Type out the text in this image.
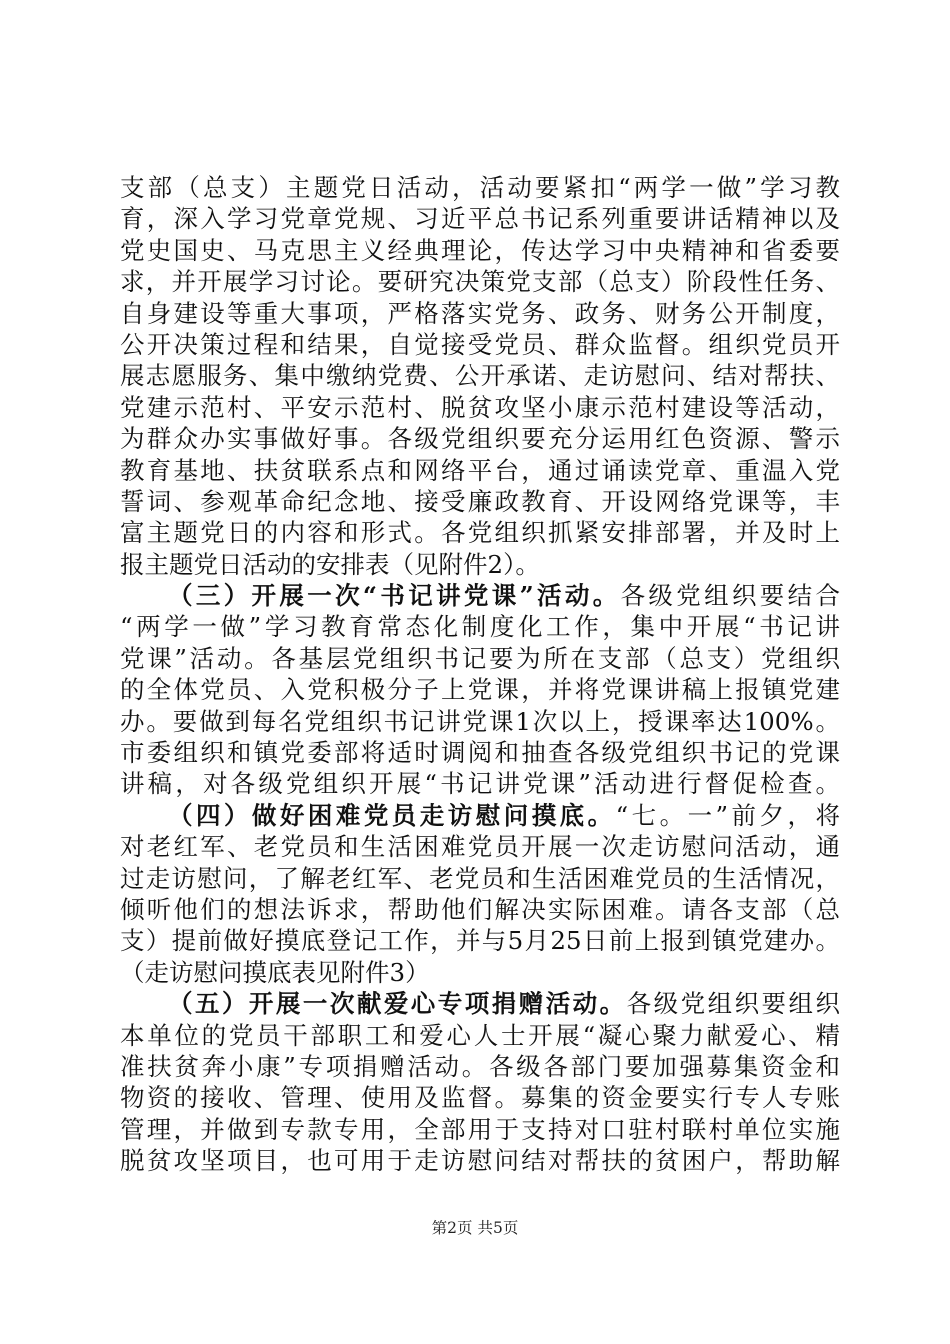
支部（总支）主题党日活动，活动要紧扣“两学一做”学习教
育，深入学习党章党规、习近平总书记系列重要讲话精神以及
党史国史、马克思主义经典理论，传达学习中央精神和省委要
求，并开展学习讨论。要研究决策党支部（总支）阶段性任务、
自身建设等重大事项，严格落实党务、政务、财务公开制度，
公开决策过程和结果，自觉接受党员、群众监督。组织党员开
展志愿服务、集中缴纳党费、公开承诺、走访慰问、结对帮扶、
党建示范村、平安示范村、脱贫攻坚小康示范村建设等活动，
为群众办实事做好事。各级党组织要充分运用红色资源、警示
教育基地、扶贫联系点和网络平台，通过诵读党章、重温入党
誓词、参观革命纪念地、接受廉政教育、开设网络党课等，丰
富主题党日的内容和形式。各党组织抓紧安排部署，并及时上
报主题党日活动的安排表（见附件2）。
（三）开展一次“书记讲党课”活动。各级党组织要结合
“两学一做”学习教育常态化制度化工作，集中开展“书记讲
党课”活动。各基层党组织书记要为所在支部（总支）党组织
的全体党员、入党积极分子上党课，并将党课讲稿上报镇党建
办。要做到每名党组织书记讲党课1次以上，授课率达100%。
市委组织和镇党委部将适时调阅和抽查各级党组织书记的党课
讲稿，对各级党组织开展“书记讲党课”活动进行督促检查。
（四）做好困难党员走访慰问摸底。“七。一”前夕，将
对老红军、老党员和生活困难党员开展一次走访慰问活动，通
过走访慰问，了解老红军、老党员和生活困难党员的生活情况，
倾听他们的想法诉求，帮助他们解决实际困难。请各支部（总
支）提前做好摸底登记工作，并与5月25日前上报到镇党建办。
（走访慰问摸底表见附件3）
（五）开展一次献爱心专项捐赠活动。各级党组织要组织
本单位的党员干部职工和爱心人士开展“凝心聚力献爱心、精
准扶贫奔小康”专项捐赠活动。各级各部门要加强募集资金和
物资的接收、管理、使用及监督。募集的资金要实行专人专账
管理，并做到专款专用，全部用于支持对口驻村联村单位实施
脱贫攻坚项目，也可用于走访慰问结对帮扶的贫困户，帮助解
第2页 共5页
